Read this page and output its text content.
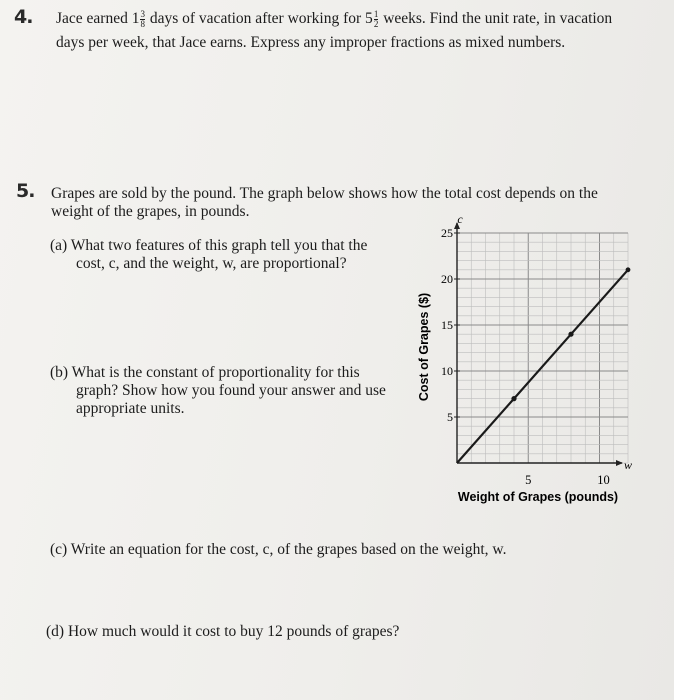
4. Jace earned $1 \frac{3}{8}$ days of vacation after working for $5 \frac{1}{2}$ weeks. Find the unit rate, in vacation
days per week, that Jace earns. Express any improper fractions as mixed numbers.
5. Grapes are sold by the pound. The graph below shows how the total cost depends on the
weight of the grapes, in pounds.
(a) What two features of this graph tell you that the
cost, c, and the weight, w, are proportional?
(b) What is the constant of proportionality for this
graph? Show how you found your answer and use
appropriate units.
(c) Write an equation for the cost, c, of the grapes based on the weight, w.
(d) How much would it cost to buy 12 pounds of grapes?
5
10
15
20
25
5	10
Cost of Grapes ($)
Weight of Grapes (pounds)
c
w
